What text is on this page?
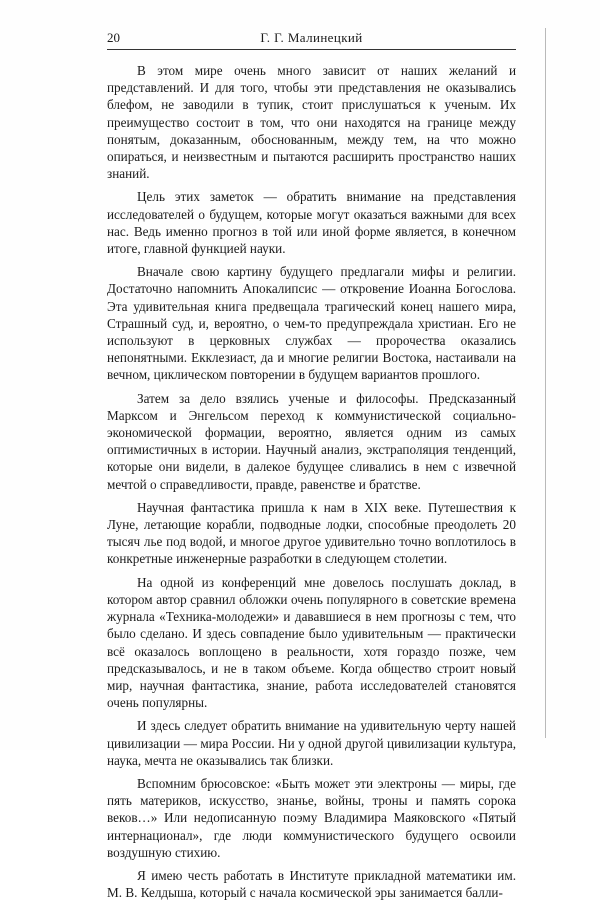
20	Г. Г. Малинецкий

В этом мире очень много зависит от наших желаний и представлений. И для того, чтобы эти представления не оказывались блефом, не заводили в тупик, стоит прислушаться к ученым. Их преимущество состоит в том, что они находятся на границе между понятым, доказанным, обоснованным, между тем, на что можно опираться, и неизвестным и пытаются расширить пространство наших знаний.

Цель этих заметок — обратить внимание на представления исследователей о будущем, которые могут оказаться важными для всех нас. Ведь именно прогноз в той или иной форме является, в конечном итоге, главной функцией науки.

Вначале свою картину будущего предлагали мифы и религии. Достаточно напомнить Апокалипсис — откровение Иоанна Богослова. Эта удивительная книга предвещала трагический конец нашего мира, Страшный суд, и, вероятно, о чем-то предупреждала христиан. Его не используют в церковных службах — пророчества оказались непонятными. Екклезиаст, да и многие религии Востока, настаивали на вечном, циклическом повторении в будущем вариантов прошлого.

Затем за дело взялись ученые и философы. Предсказанный Марксом и Энгельсом переход к коммунистической социально-экономической формации, вероятно, является одним из самых оптимистичных в истории. Научный анализ, экстраполяция тенденций, которые они видели, в далекое будущее сливались в нем с извечной мечтой о справедливости, правде, равенстве и братстве.

Научная фантастика пришла к нам в XIX веке. Путешествия к Луне, летающие корабли, подводные лодки, способные преодолеть 20 тысяч лье под водой, и многое другое удивительно точно воплотилось в конкретные инженерные разработки в следующем столетии.

На одной из конференций мне довелось послушать доклад, в котором автор сравнил обложки очень популярного в советские времена журнала «Техника-молодежи» и дававшиеся в нем прогнозы с тем, что было сделано. И здесь совпадение было удивительным — практически всё оказалось воплощено в реальности, хотя гораздо позже, чем предсказывалось, и не в таком объеме. Когда общество строит новый мир, научная фантастика, знание, работа исследователей становятся очень популярны.

И здесь следует обратить внимание на удивительную черту нашей цивилизации — мира России. Ни у одной другой цивилизации культура, наука, мечта не оказывались так близки.

Вспомним брюсовское: «Быть может эти электроны — миры, где пять материков, искусство, знанье, войны, троны и память сорока веков…» Или недописанную поэму Владимира Маяковского «Пятый интернационал», где люди коммунистического будущего освоили воздушную стихию.

Я имею честь работать в Институте прикладной математики им. М. В. Келдыша, который с начала космической эры занимается балли-
